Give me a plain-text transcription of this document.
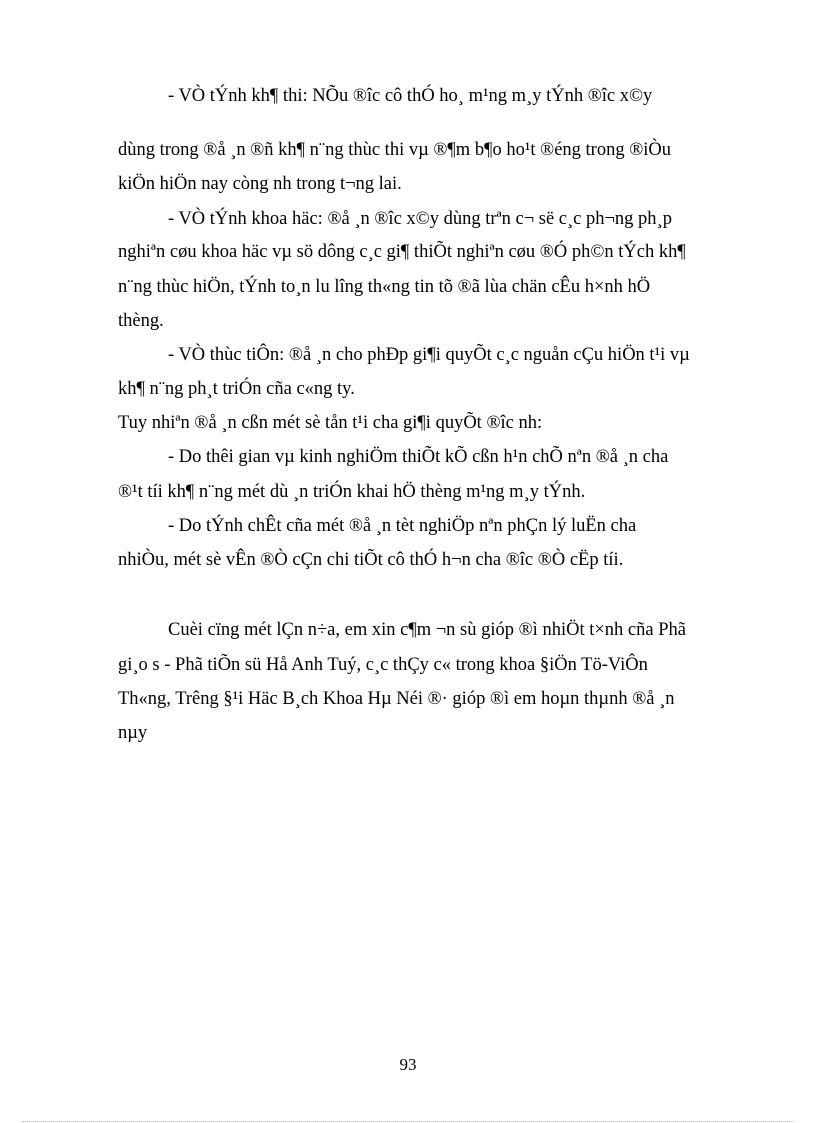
- VÒ tÝnh kh¶ thi: NÕu ®îc cô thÓ ho¸ m¹ng m¸y tÝnh ®îc x©y
dùng trong ®å ¸n ®ñ kh¶ n¨ng thùc thi vµ ®¶m b¶o ho¹t ®éng trong ®iÒu
kiÖn hiÖn nay còng nh trong t¬ng lai.
- VÒ tÝnh khoa häc: ®å ¸n ®îc x©y dùng trªn c¬ së c¸c ph¬ng ph¸p
nghiªn cøu khoa häc vµ sö dông c¸c gi¶ thiÕt nghiªn cøu ®Ó ph©n tÝch kh¶
n¨ng thùc hiÖn, tÝnh to¸n lu lîng th«ng tin tõ ®ã lùa chän cÊu h×nh hÖ
thèng.
- VÒ thùc tiÔn: ®å ¸n cho phÐp gi¶i quyÕt c¸c nguån cÇu hiÖn t¹i vµ
kh¶ n¨ng ph¸t triÓn cña c«ng ty.
Tuy nhiªn ®å ¸n cßn mét sè tån t¹i cha gi¶i quyÕt ®îc nh:
- Do thêi gian vµ kinh nghiÖm thiÕt kÕ cßn h¹n chÕ nªn ®å ¸n cha
®¹t tíi kh¶ n¨ng mét dù ¸n triÓn khai hÖ thèng m¹ng m¸y tÝnh.
- Do tÝnh chÊt cña mét ®å ¸n tèt nghiÖp nªn phÇn lý luËn cha
nhiÒu, mét sè vÊn ®Ò cÇn chi tiÕt cô thÓ h¬n cha ®îc ®Ò cËp tíi.
Cuèi cïng mét lÇn n÷a, em xin c¶m ¬n sù gióp ®ì nhiÖt t×nh cña Phã
gi¸o s - Phã tiÕn sü Hå Anh Tuý, c¸c thÇy c« trong khoa §iÖn Tö-ViÔn
Th«ng, Trêng §¹i Häc B¸ch Khoa Hµ Néi ®· gióp ®ì em hoµn thµnh ®å ¸n
nµy
93
